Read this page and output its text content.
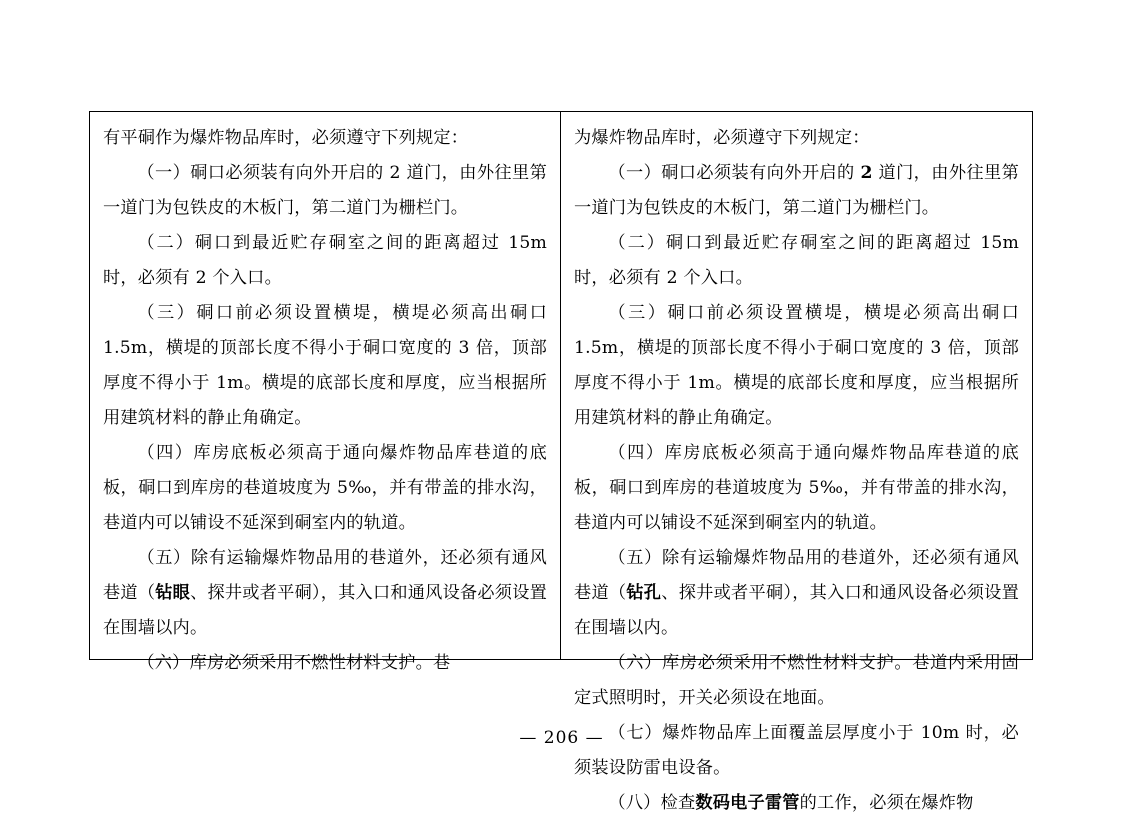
有平硐作为爆炸物品库时，必须遵守下列规定：

（一）硐口必须装有向外开启的 2 道门，由外往里第一道门为包铁皮的木板门，第二道门为栅栏门。

（二）硐口到最近贮存硐室之间的距离超过 15m 时，必须有 2 个入口。

（三）硐口前必须设置横堤，横堤必须高出硐口 1.5m，横堤的顶部长度不得小于硐口宽度的 3 倍，顶部厚度不得小于 1m。横堤的底部长度和厚度，应当根据所用建筑材料的静止角确定。

（四）库房底板必须高于通向爆炸物品库巷道的底板，硐口到库房的巷道坡度为 5‰，并有带盖的排水沟，巷道内可以铺设不延深到硐室内的轨道。

（五）除有运输爆炸物品用的巷道外，还必须有通风巷道（钻眼、探井或者平硐），其入口和通风设备必须设置在围墙以内。

（六）库房必须采用不燃性材料支护。巷

为爆炸物品库时，必须遵守下列规定：

（一）硐口必须装有向外开启的 2 道门，由外往里第一道门为包铁皮的木板门，第二道门为栅栏门。

（二）硐口到最近贮存硐室之间的距离超过 15m 时，必须有 2 个入口。

（三）硐口前必须设置横堤，横堤必须高出硐口 1.5m，横堤的顶部长度不得小于硐口宽度的 3 倍，顶部厚度不得小于 1m。横堤的底部长度和厚度，应当根据所用建筑材料的静止角确定。

（四）库房底板必须高于通向爆炸物品库巷道的底板，硐口到库房的巷道坡度为 5‰，并有带盖的排水沟，巷道内可以铺设不延深到硐室内的轨道。

（五）除有运输爆炸物品用的巷道外，还必须有通风巷道（钻孔、探井或者平硐），其入口和通风设备必须设置在围墙以内。

（六）库房必须采用不燃性材料支护。巷道内采用固定式照明时，开关必须设在地面。

（七）爆炸物品库上面覆盖层厚度小于 10m 时，必须装设防雷电设备。

（八）检查数码电子雷管的工作，必须在爆炸物

— 206 —
